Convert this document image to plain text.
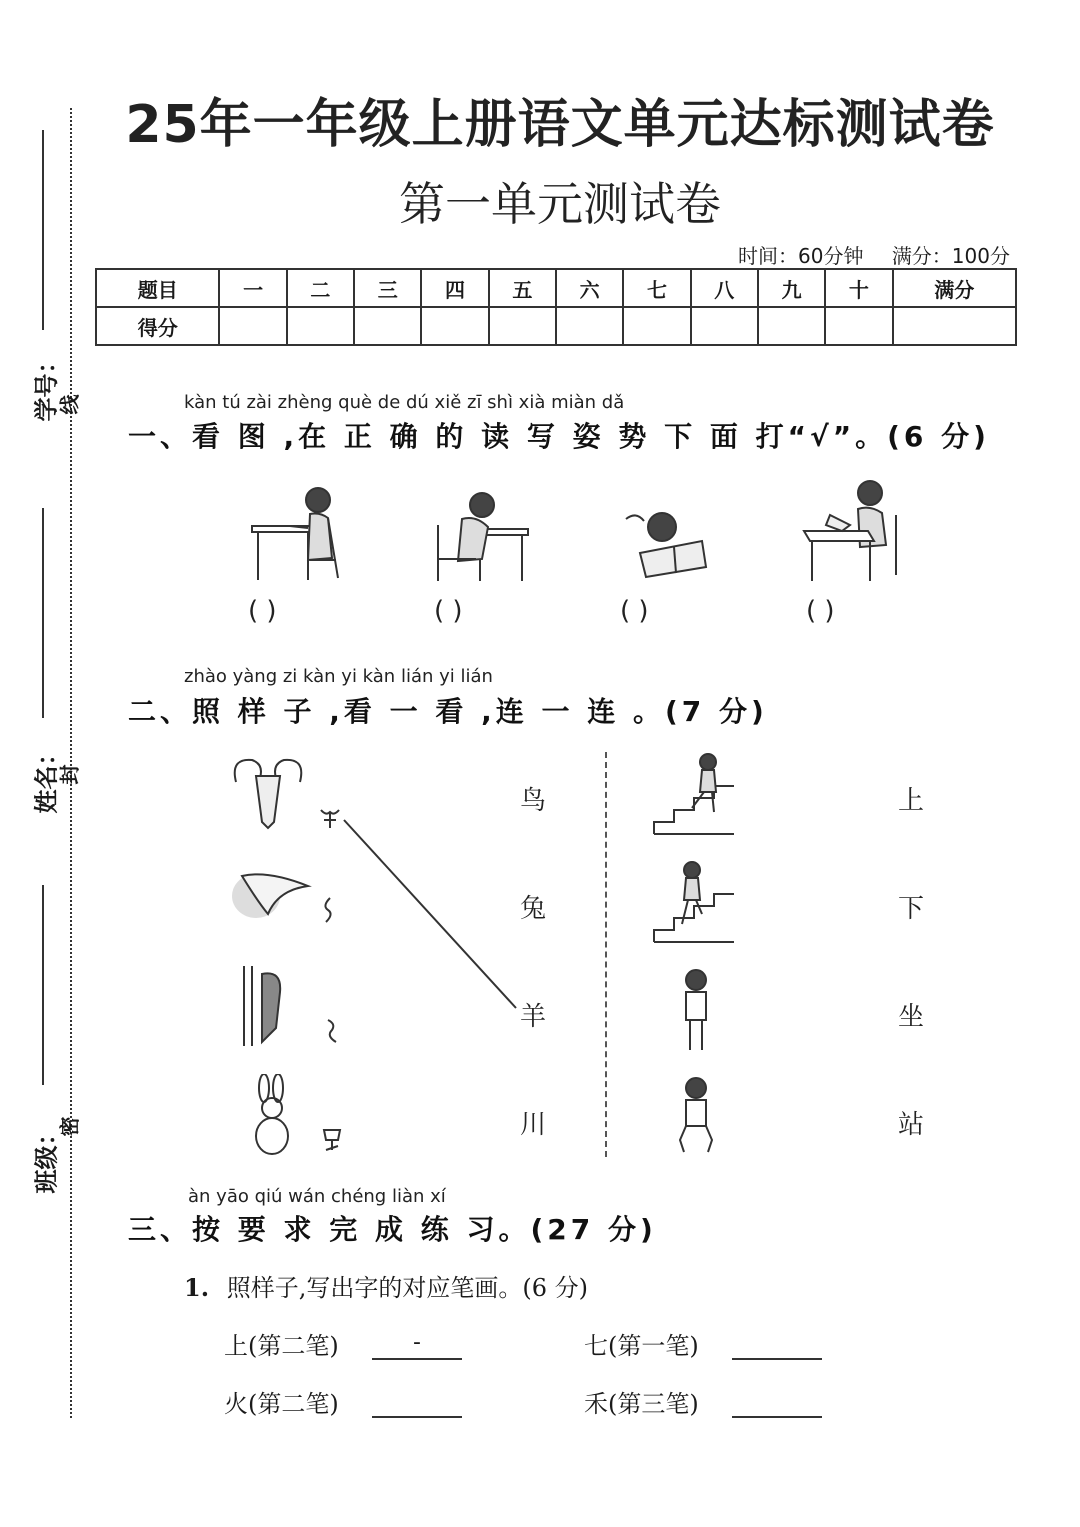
学号：
线
姓名：
封
班级：
密
25年一年级上册语文单元达标测试卷
第一单元测试卷
时间：60分钟 满分：100分
题目	一	二	三	四	五	六	七	八	九	十	满分
得分											
kàn tú zài zhèng què de dú xiě zī shì xià miàn dǎ
一、看 图 ,在 正 确 的 读 写 姿 势 下 面 打“√”。(6 分)
( )	( )	( )	( )
zhào yàng zi kàn yi kàn lián yi lián
二、照 样 子 ,看 一 看 ,连 一 连 。(7 分)
鸟
兔
羊
川
上
下
坐
站
àn yāo qiú wán chéng liàn xí
三、按 要 求 完 成 练 习。(27 分)
1. 照样子,写出字的对应笔画。(6 分)
上(第二笔)	-	七(第一笔)
火(第二笔)	禾(第三笔)
